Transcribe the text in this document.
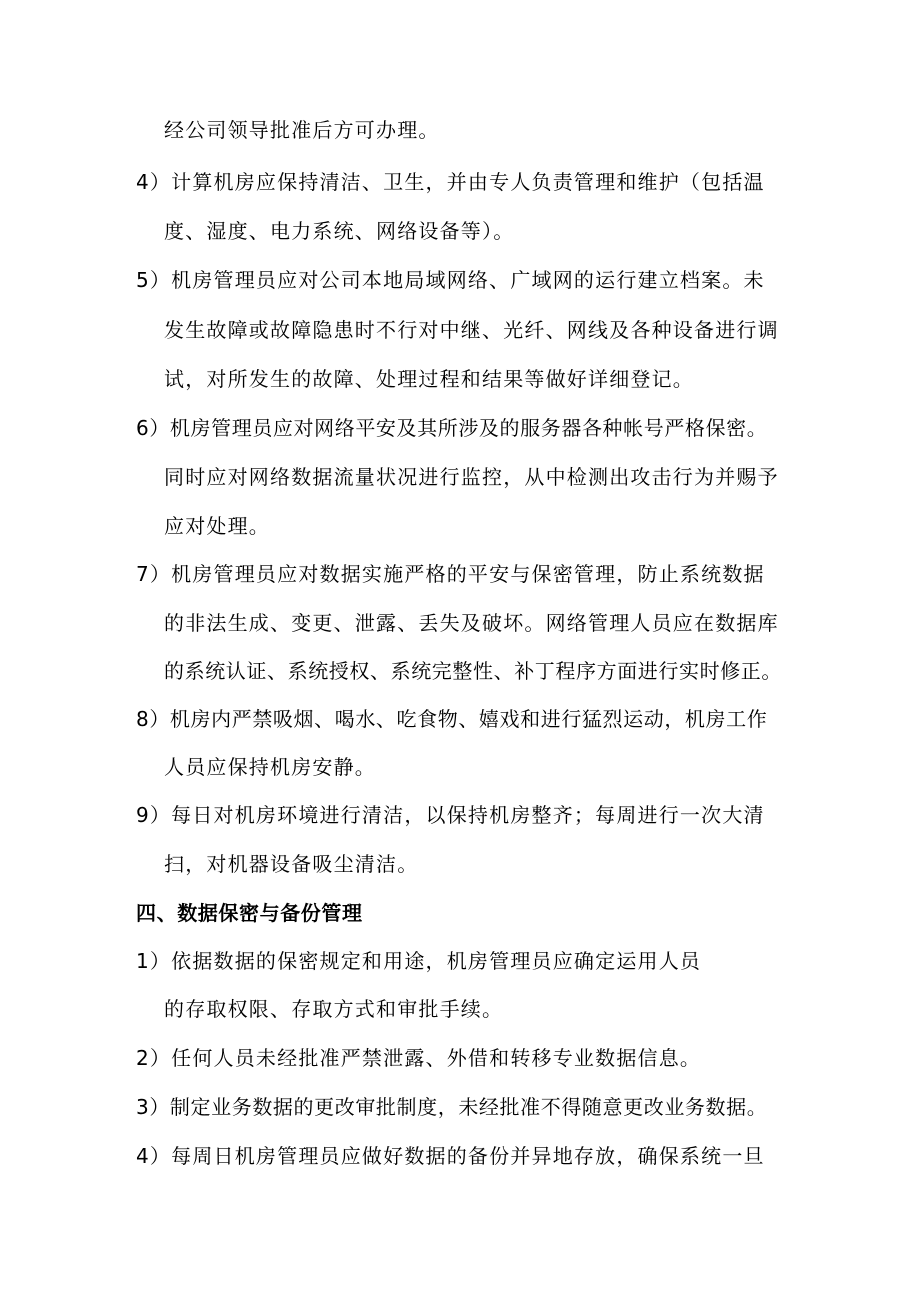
经公司领导批准后方可办理。
4）计算机房应保持清洁、卫生，并由专人负责管理和维护（包括温
度、湿度、电力系统、网络设备等）。
5）机房管理员应对公司本地局域网络、广域网的运行建立档案。未
发生故障或故障隐患时不行对中继、光纤、网线及各种设备进行调
试，对所发生的故障、处理过程和结果等做好详细登记。
6）机房管理员应对网络平安及其所涉及的服务器各种帐号严格保密。
同时应对网络数据流量状况进行监控，从中检测出攻击行为并赐予
应对处理。
7）机房管理员应对数据实施严格的平安与保密管理，防止系统数据
的非法生成、变更、泄露、丢失及破坏。网络管理人员应在数据库
的系统认证、系统授权、系统完整性、补丁程序方面进行实时修正。
8）机房内严禁吸烟、喝水、吃食物、嬉戏和进行猛烈运动，机房工作
人员应保持机房安静。
9）每日对机房环境进行清洁，以保持机房整齐；每周进行一次大清
扫，对机器设备吸尘清洁。
四、数据保密与备份管理
1）依据数据的保密规定和用途，机房管理员应确定运用人员
的存取权限、存取方式和审批手续。
2）任何人员未经批准严禁泄露、外借和转移专业数据信息。
3）制定业务数据的更改审批制度，未经批准不得随意更改业务数据。
4）每周日机房管理员应做好数据的备份并异地存放，确保系统一旦
